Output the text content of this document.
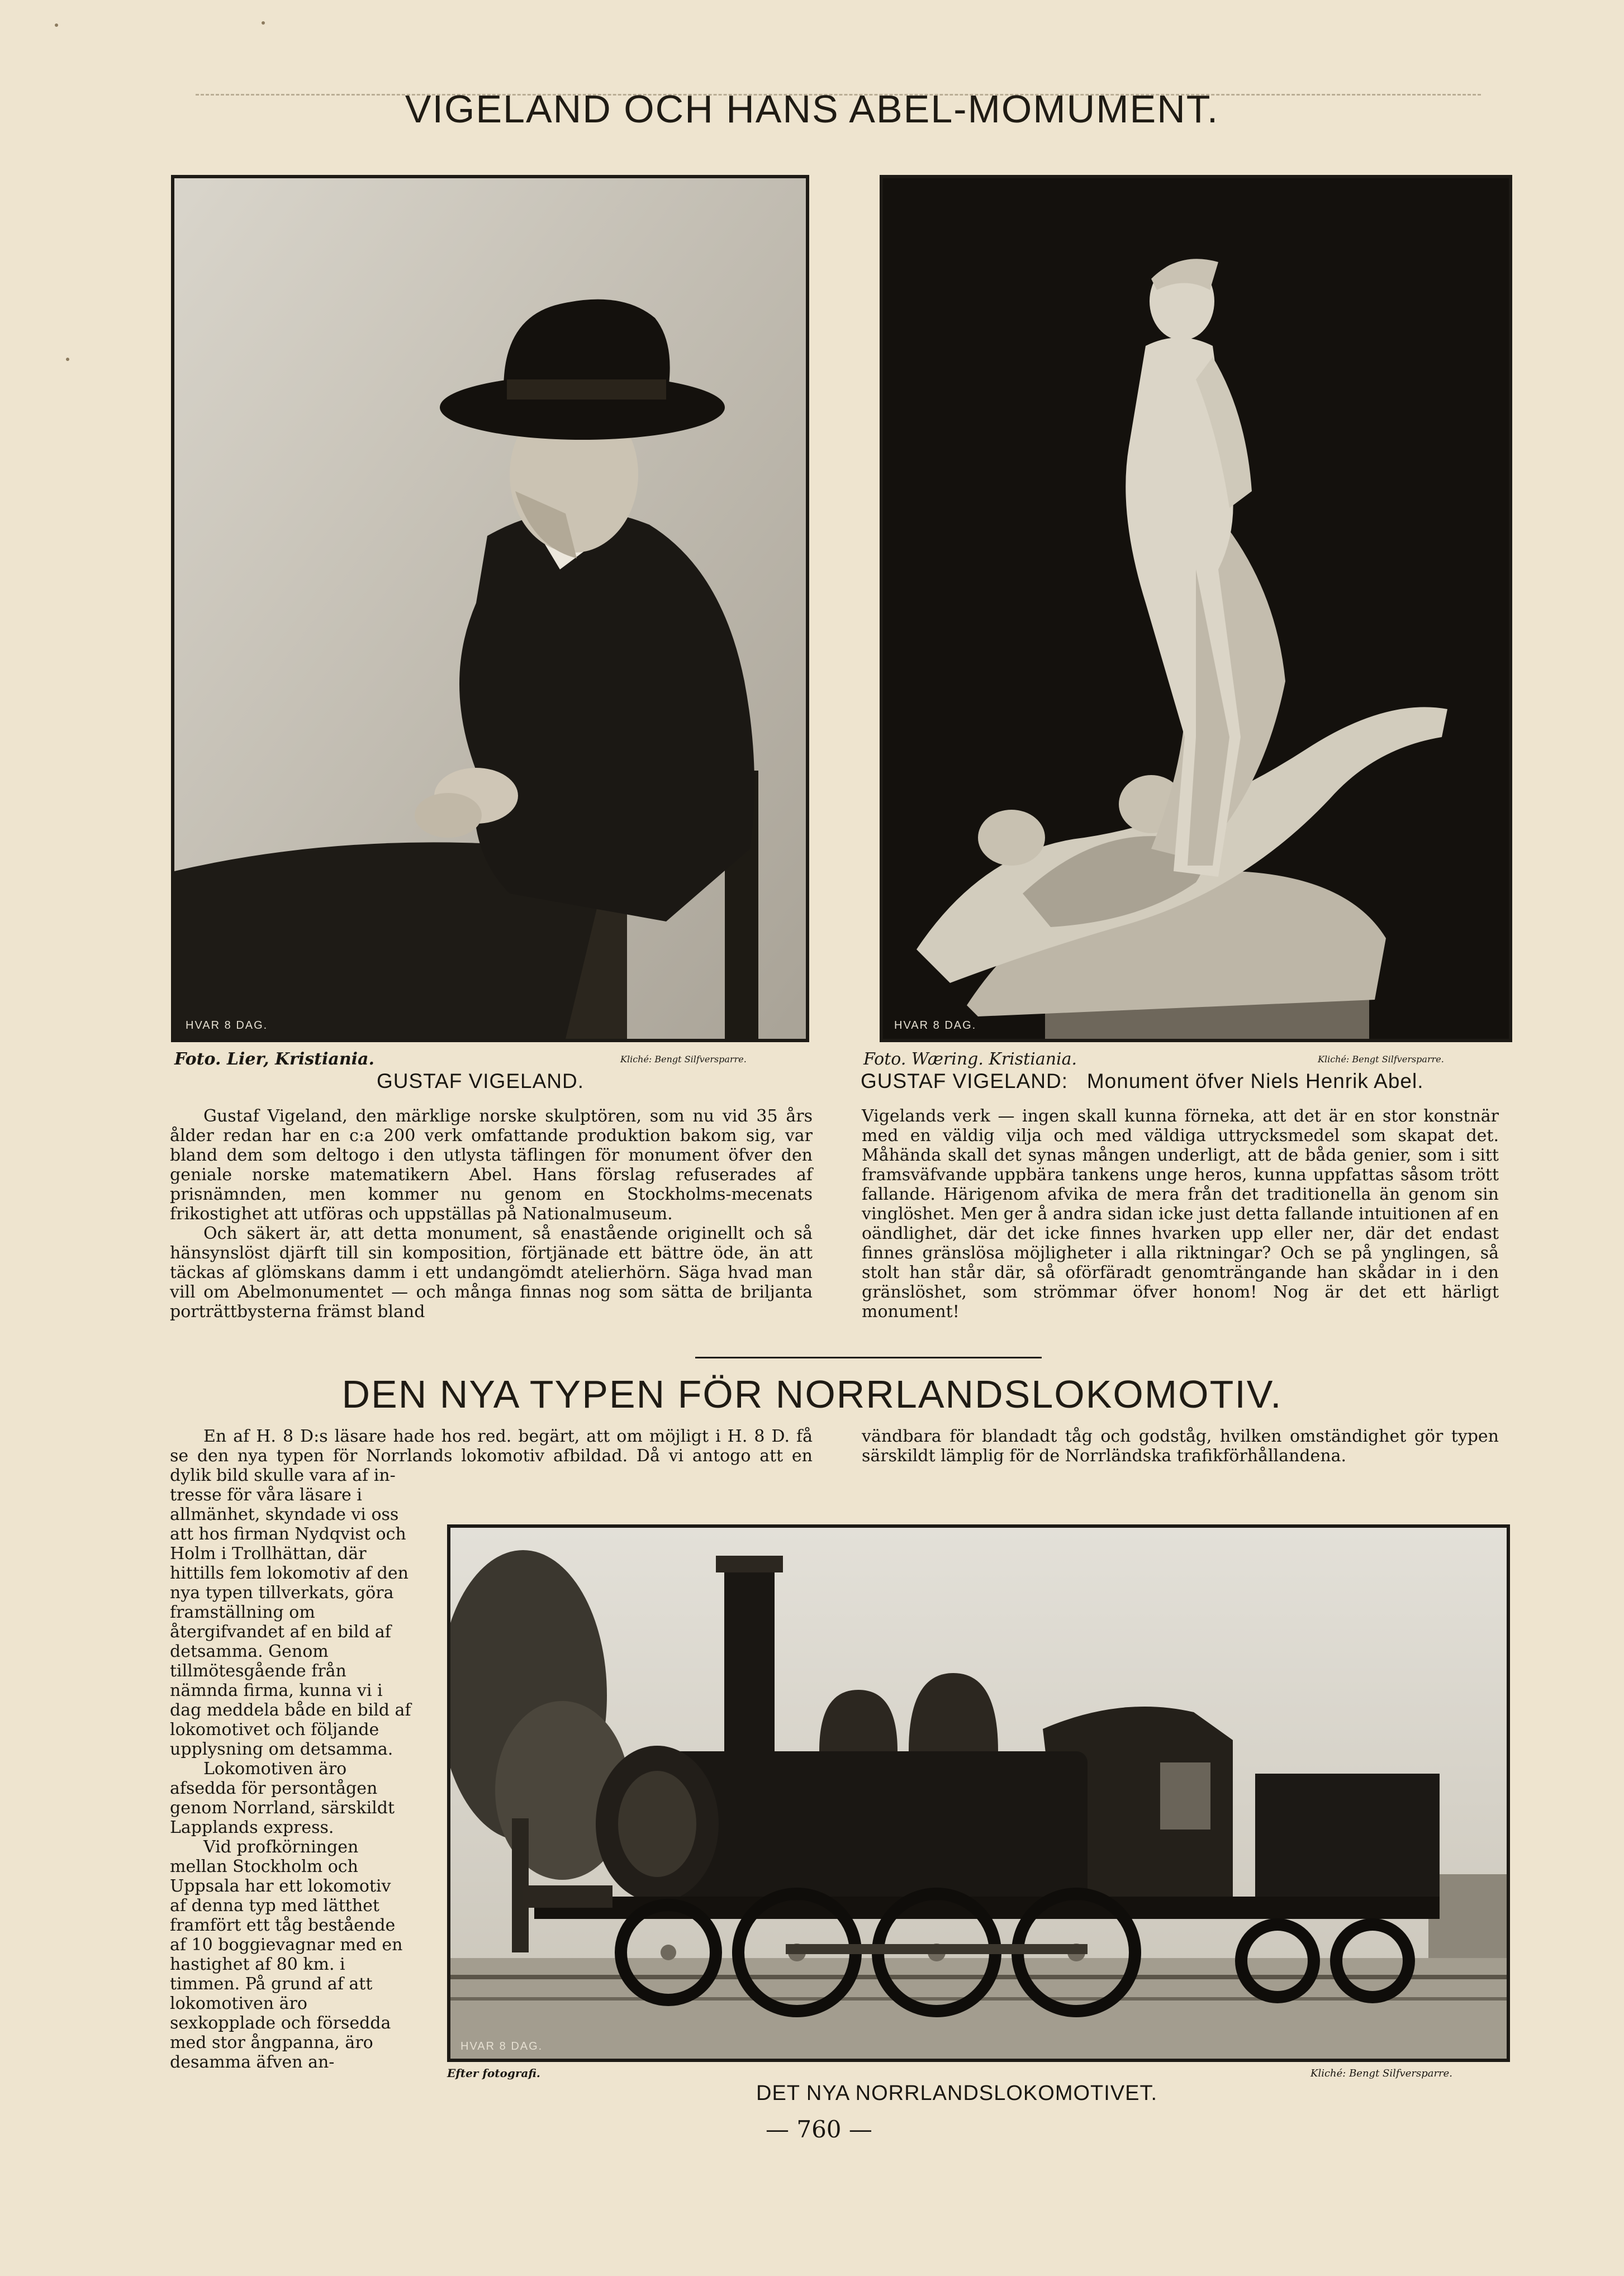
VIGELAND OCH HANS ABEL-MOMUMENT.
HVAR 8 DAG.	HVAR 8 DAG.
Foto. Lier, Kristiania.	Kliché: Bengt Silfversparre.
GUSTAF VIGELAND.
Foto. Wæring. Kristiania.	Kliché: Bengt Silfversparre.
GUSTAF VIGELAND: Monument öfver Niels Henrik Abel.

Gustaf Vigeland, den märklige norske skulptören, som nu vid 35 års ålder redan har en c:a 200 verk omfattande produktion bakom sig, var bland dem som deltogo i den utlysta täflingen för monument öfver den geniale norske matematikern Abel. Hans förslag refuserades af prisnämnden, men kommer nu genom en Stockholms-mecenats frikostighet att utföras och uppställas på Nationalmuseum.

Och säkert är, att detta monument, så enastående originellt och så hänsynslöst djärft till sin komposition, förtjänade ett bättre öde, än att täckas af glömskans damm i ett undangömdt atelierhörn. Säga hvad man vill om Abelmonumentet — och många finnas nog som sätta de briljanta porträttbysterna främst bland

Vigelands verk — ingen skall kunna förneka, att det är en stor konstnär med en väldig vilja och med väldiga uttrycksmedel som skapat det. Måhända skall det synas mången underligt, att de båda genier, som i sitt framsväfvande uppbära tankens unge heros, kunna uppfattas såsom trött fallande. Härigenom afvika de mera från det traditionella än genom sin vinglöshet. Men ger å andra sidan icke just detta fallande intuitionen af en oändlighet, där det icke finnes hvarken upp eller ner, där det endast finnes gränslösa möjligheter i alla riktningar? Och se på ynglingen, så stolt han står där, så oförfäradt genomträngande han skådar in i den gränslöshet, som strömmar öfver honom! Nog är det ett härligt monument!

DEN NYA TYPEN FÖR NORRLANDSLOKOMOTIV.

En af H. 8 D:s läsare hade hos red. begärt, att om möjligt i H. 8 D. få se den nya typen för Norrlands lokomotiv afbildad. Då vi antogo att en dylik bild skulle vara af in-

vändbara för blandadt tåg och godståg, hvilken omständighet gör typen särskildt lämplig för de Norrländska trafikförhållandena.

tresse för våra läsare i allmänhet, skyndade vi oss att hos firman Nydqvist och Holm i Trollhättan, där hittills fem lokomotiv af den nya typen tillverkats, göra framställning om återgifvandet af en bild af detsamma. Genom tillmötesgående från nämnda firma, kunna vi i dag meddela både en bild af lokomotivet och följande upplysning om detsamma.

Lokomotiven äro afsedda för persontågen genom Norrland, särskildt Lapplands express.

Vid profkörningen mellan Stockholm och Uppsala har ett lokomotiv af denna typ med lätthet framfört ett tåg bestående af 10 boggievagnar med en hastighet af 80 km. i timmen. På grund af att lokomotiven äro sexkopplade och försedda med stor ångpanna, äro desamma äfven an-

HVAR 8 DAG.
Efter fotografi.	Kliché: Bengt Silfversparre.
DET NYA NORRLANDSLOKOMOTIVET.
— 760 —
